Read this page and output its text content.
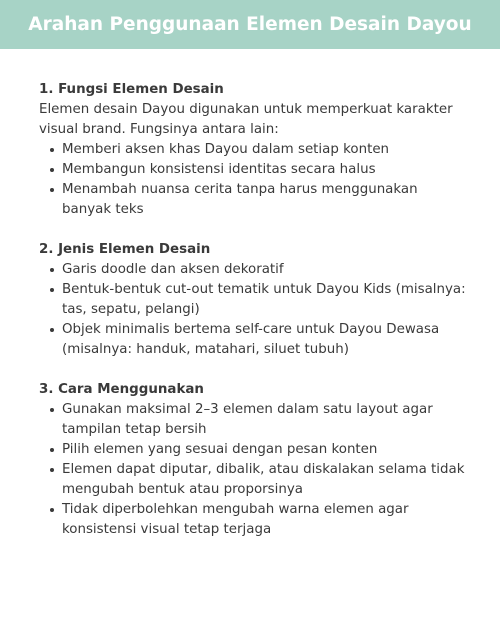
Arahan Penggunaan Elemen Desain Dayou
1. Fungsi Elemen Desain
Elemen desain Dayou digunakan untuk memperkuat karakter visual brand. Fungsinya antara lain:
Memberi aksen khas Dayou dalam setiap konten
Membangun konsistensi identitas secara halus
Menambah nuansa cerita tanpa harus menggunakan banyak teks
2. Jenis Elemen Desain
Garis doodle dan aksen dekoratif
Bentuk-bentuk cut-out tematik untuk Dayou Kids (misalnya: tas, sepatu, pelangi)
Objek minimalis bertema self-care untuk Dayou Dewasa (misalnya: handuk, matahari, siluet tubuh)
3. Cara Menggunakan
Gunakan maksimal 2–3 elemen dalam satu layout agar tampilan tetap bersih
Pilih elemen yang sesuai dengan pesan konten
Elemen dapat diputar, dibalik, atau diskalakan selama tidak mengubah bentuk atau proporsinya
Tidak diperbolehkan mengubah warna elemen agar konsistensi visual tetap terjaga
